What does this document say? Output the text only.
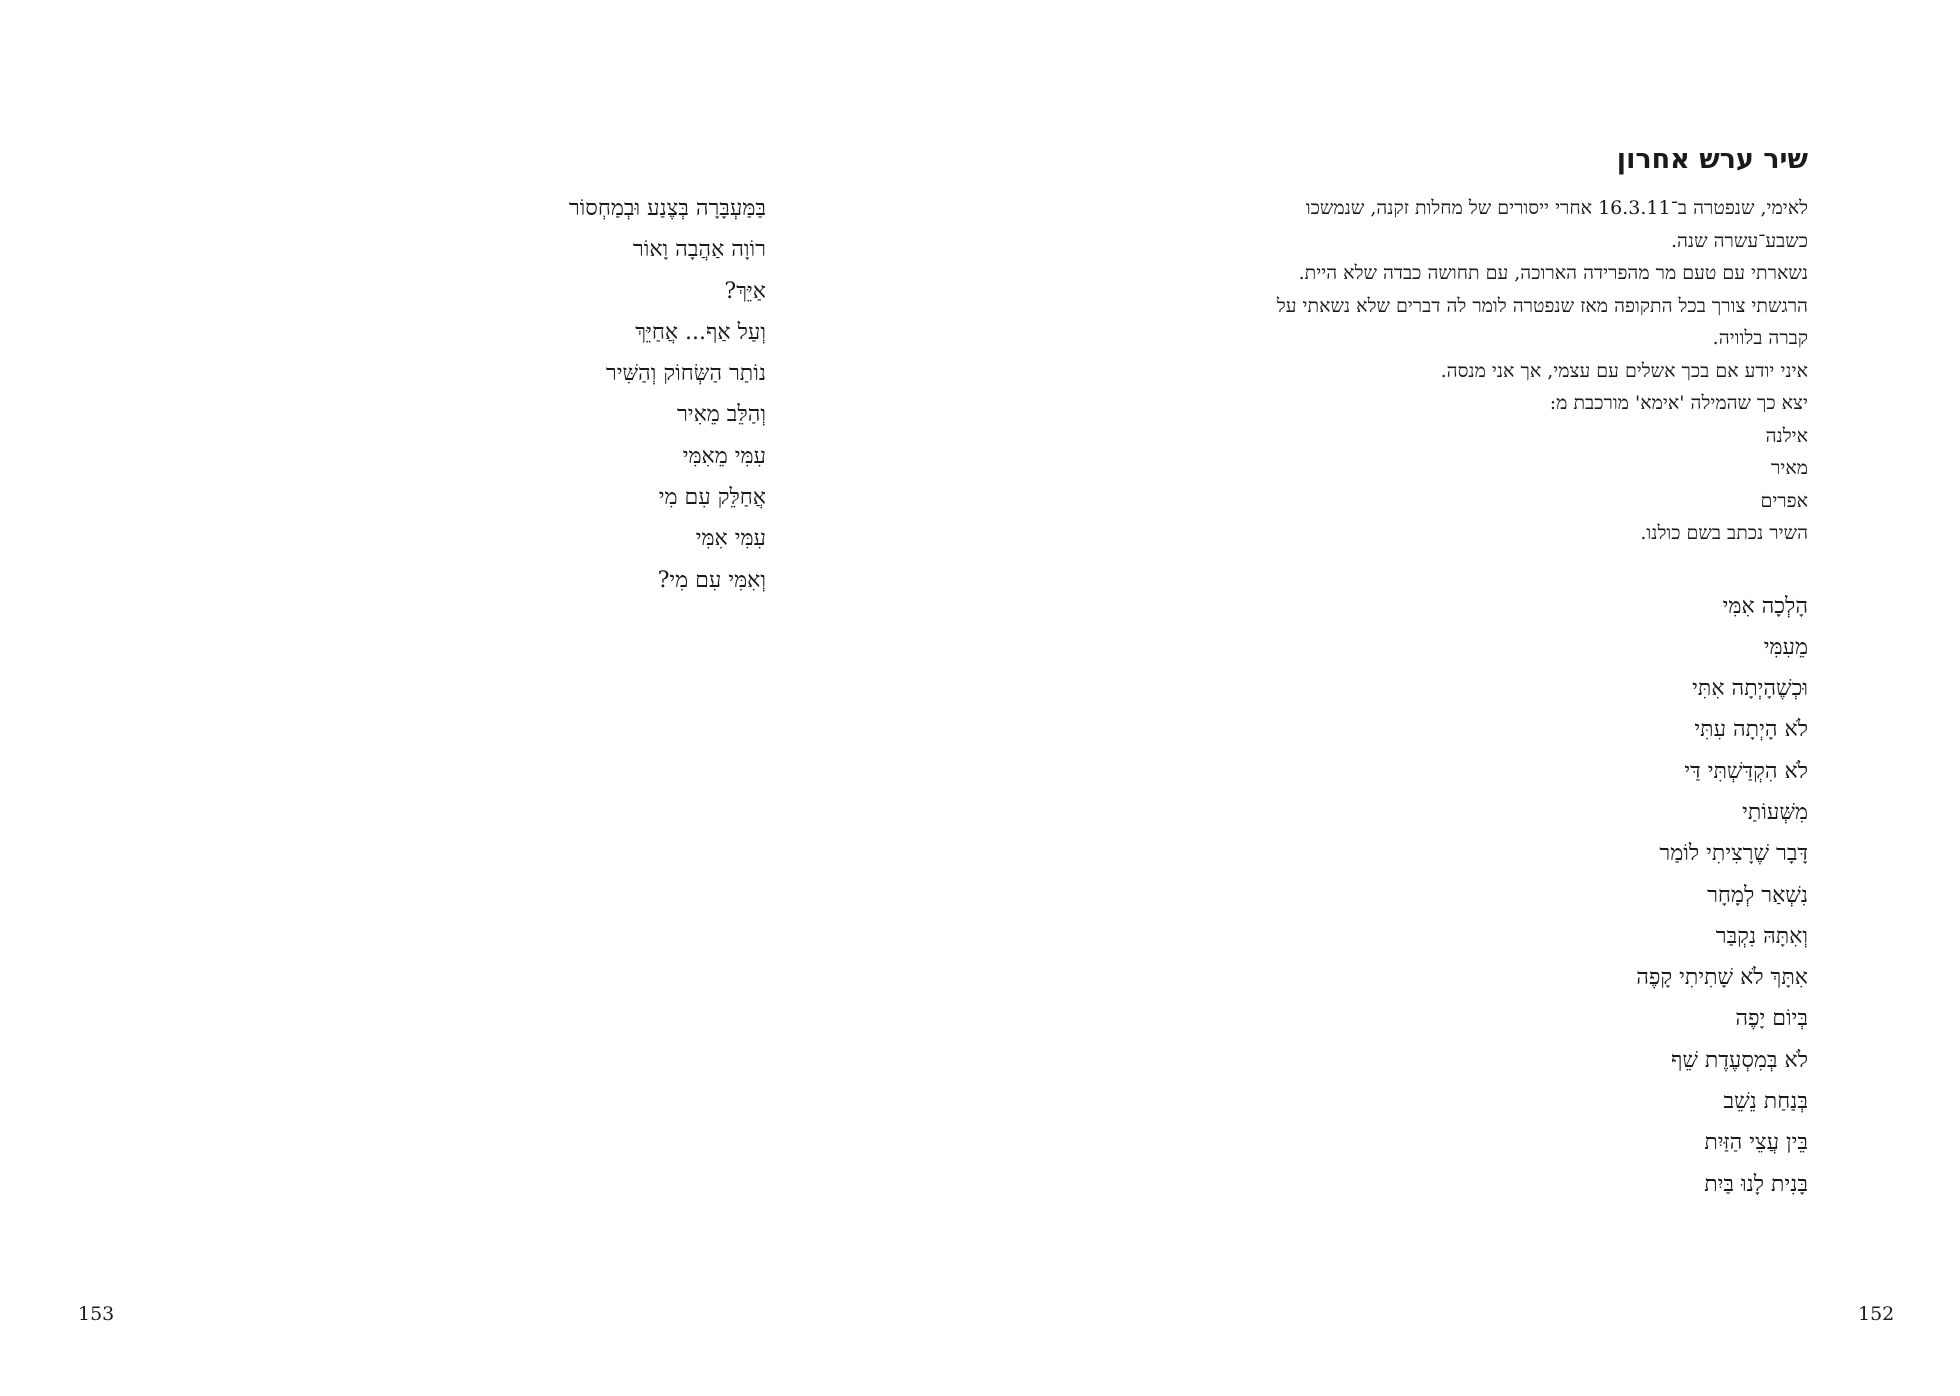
בַּמַּעְבָּרָה בְּצֶנַע וּבְמַחְסוֹר
רוֹוָה אַהֲבָה וָאוֹר
אַיֵּךְ?
וְעַל אַף... אֲחַיֵּךְ
נוֹתַר הַשְּׂחוֹק וְהַשִּׁיר
וְהַלֵּב מֵאִיר
עִמִּי מֵאִמִּי
אֲחַלֵּק עִם מִי
עִמִּי אִמִּי
וְאִמִּי עִם מִי?
153
שיר ערש אחרון
לאימי, שנפטרה ב־16.3.11 אחרי ייסורים של מחלות זקנה, שנמשכו
כשבע־עשרה שנה.
נשארתי עם טעם מר מהפרידה הארוכה, עם תחושה כבדה שלא היית.
הרגשתי צורך בכל התקופה מאז שנפטרה לומר לה דברים שלא נשאתי על
קברה בלוויה.
איני יודע אם בכך אשלים עם עצמי, אך אני מנסה.
יצא כך שהמילה 'אימא' מורכבת מ:
אילנה
מאיר
אפרים
השיר נכתב בשם כולנו.
הָלְכָה אִמִּי
מֵעִמִּי
וּכְשֶׁהָיְתָה אִתִּי
לֹא הָיְתָה עִתִּי
לֹא הִקְדַּשְׁתִּי דַּי
מִשְּׁעוֹתַי
דָּבָר שֶׁרָצִיתִי לוֹמַר
נִשְׁאַר לְמָחָר
וְאִתָּהּ נִקְבַּר
אִתָּךְ לֹא שָׁתִיתִי קָפֶה
בְּיוֹם יָפֶה
לֹא בְּמִסְעֶדֶת שֵׁף
בְּנַחַת נֵשֵׁב
בֵּין עֲצֵי הַזַּיִת
בָּנִית לָנוּ בַּיִת
152
